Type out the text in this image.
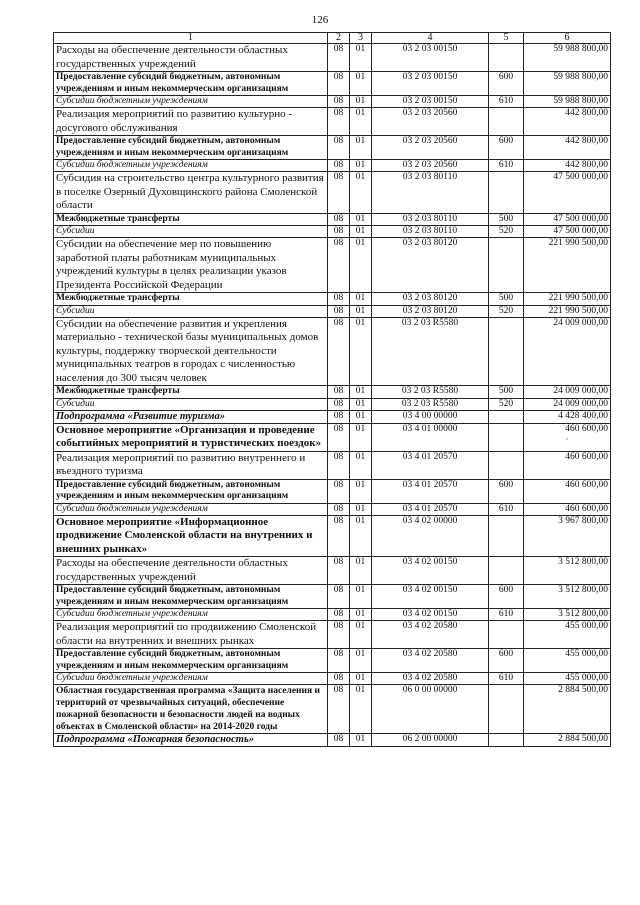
126
1	2	3	4	5	6
Расходы на обеспечение деятельности областных государственных учреждений	08	01	03 2 03 00150		59 988 800,00
Предоставление субсидий бюджетным, автономным учреждениям и иным некоммерческим организациям	08	01	03 2 03 00150	600	59 988 800,00
Субсидии бюджетным учреждениям	08	01	03 2 03 00150	610	59 988 800,00
Реализация мероприятий по развитию культурно - досугового обслуживания	08	01	03 2 03 20560		442 800,00
Предоставление субсидий бюджетным, автономным учреждениям и иным некоммерческим организациям	08	01	03 2 03 20560	600	442 800,00
Субсидии бюджетным учреждениям	08	01	03 2 03 20560	610	442 800,00
Субсидия на строительство центра культурного развития в поселке Озерный Духовщинского района Смоленской области	08	01	03 2 03 80110		47 500 000,00
Межбюджетные трансферты	08	01	03 2 03 80110	500	47 500 000,00
Субсидии	08	01	03 2 03 80110	520	47 500 000,00
Субсидии на обеспечение мер по повышению заработной платы работникам муниципальных учреждений культуры в целях реализации указов Президента Российской Федерации	08	01	03 2 03 80120		221 990 500,00
Межбюджетные трансферты	08	01	03 2 03 80120	500	221 990 500,00
Субсидии	08	01	03 2 03 80120	520	221 990 500,00
Субсидии на обеспечение развития и укрепления материально - технической базы муниципальных домов культуры, поддержку творческой деятельности муниципальных театров в городах с численностью населения до 300 тысяч человек	08	01	03 2 03 R5580		24 009 000,00
Межбюджетные трансферты	08	01	03 2 03 R5580	500	24 009 000,00
Субсидии	08	01	03 2 03 R5580	520	24 009 000,00
Подпрограмма «Развитие туризма»	08	01	03 4 00 00000		4 428 400,00
Основное мероприятие «Организация и проведение событийных мероприятий и туристических поездок»	08	01	03 4 01 00000		460 600,00
·

Реализация мероприятий по развитию внутреннего и въездного туризма	08	01	03 4 01 20570		460 600,00
Предоставление субсидий бюджетным, автономным учреждениям и иным некоммерческим организациям	08	01	03 4 01 20570	600	460 600,00
Субсидии бюджетным учреждениям	08	01	03 4 01 20570	610	460 600,00
Основное мероприятие «Информационное продвижение Смоленской области на внутренних и внешних рынках»	08	01	03 4 02 00000		3 967 800,00
Расходы на обеспечение деятельности областных государственных учреждений	08	01	03 4 02 00150		3 512 800,00
Предоставление субсидий бюджетным, автономным учреждениям и иным некоммерческим организациям	08	01	03 4 02 00150	600	3 512 800,00
Субсидии бюджетным учреждениям	08	01	03 4 02 00150	610	3 512 800,00
Реализация мероприятий по продвижению Смоленской области на внутренних и внешних рынках	08	01	03 4 02 20580		455 000,00
Предоставление субсидий бюджетным, автономным учреждениям и иным некоммерческим организациям	08	01	03 4 02 20580	600	455 000,00
Субсидии бюджетным учреждениям	08	01	03 4 02 20580	610	455 000,00
Областная государственная программа «Защита населения и территорий от чрезвычайных ситуаций, обеспечение пожарной безопасности и безопасности людей на водных объектах в Смоленской области» на 2014-2020 годы	08	01	06 0 00 00000		2 884 500,00
Подпрограмма «Пожарная безопасность»	08	01	06 2 00 00000		2 884 500,00
